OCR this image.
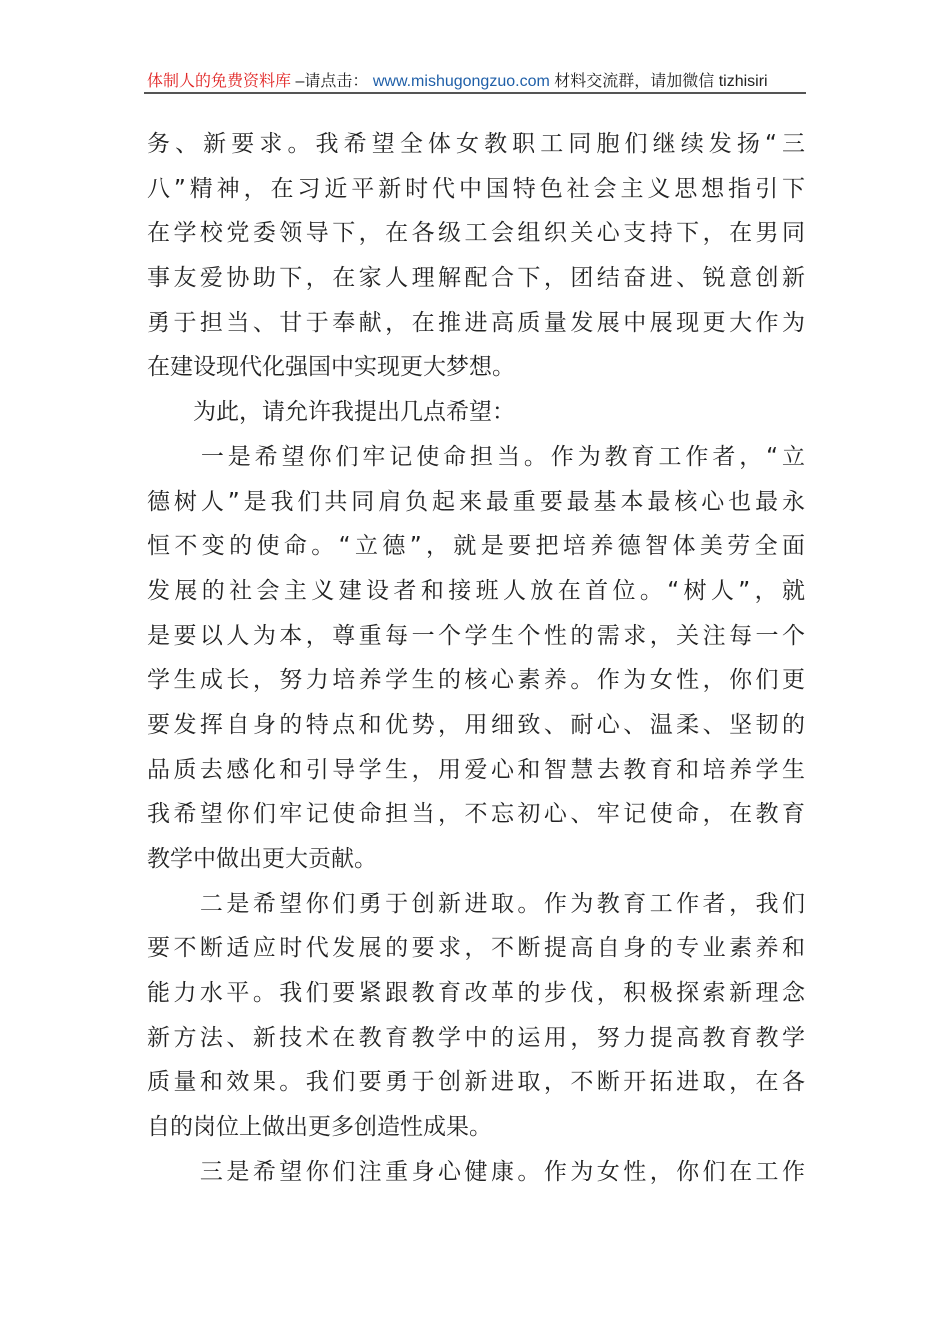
体制人的免费资料库 –请点击： www.mishugongzuo.com 材料交流群，请加微信 tizhisiri
务、新要求。我希望全体女教职工同胞们继续发扬“三
八”精神，在习近平新时代中国特色社会主义思想指引下
在学校党委领导下，在各级工会组织关心支持下，在男同
事友爱协助下，在家人理解配合下，团结奋进、锐意创新
勇于担当、甘于奉献，在推进高质量发展中展现更大作为
在建设现代化强国中实现更大梦想。
　　为此，请允许我提出几点希望：
　　一是希望你们牢记使命担当。作为教育工作者，“立
德树人”是我们共同肩负起来最重要最基本最核心也最永
恒不变的使命。“立德”，就是要把培养德智体美劳全面
发展的社会主义建设者和接班人放在首位。“树人”，就
是要以人为本，尊重每一个学生个性的需求，关注每一个
学生成长，努力培养学生的核心素养。作为女性，你们更
要发挥自身的特点和优势，用细致、耐心、温柔、坚韧的
品质去感化和引导学生，用爱心和智慧去教育和培养学生
我希望你们牢记使命担当，不忘初心、牢记使命，在教育
教学中做出更大贡献。
　　二是希望你们勇于创新进取。作为教育工作者，我们
要不断适应时代发展的要求，不断提高自身的专业素养和
能力水平。我们要紧跟教育改革的步伐，积极探索新理念
新方法、新技术在教育教学中的运用，努力提高教育教学
质量和效果。我们要勇于创新进取，不断开拓进取，在各
自的岗位上做出更多创造性成果。
　　三是希望你们注重身心健康。作为女性，你们在工作
